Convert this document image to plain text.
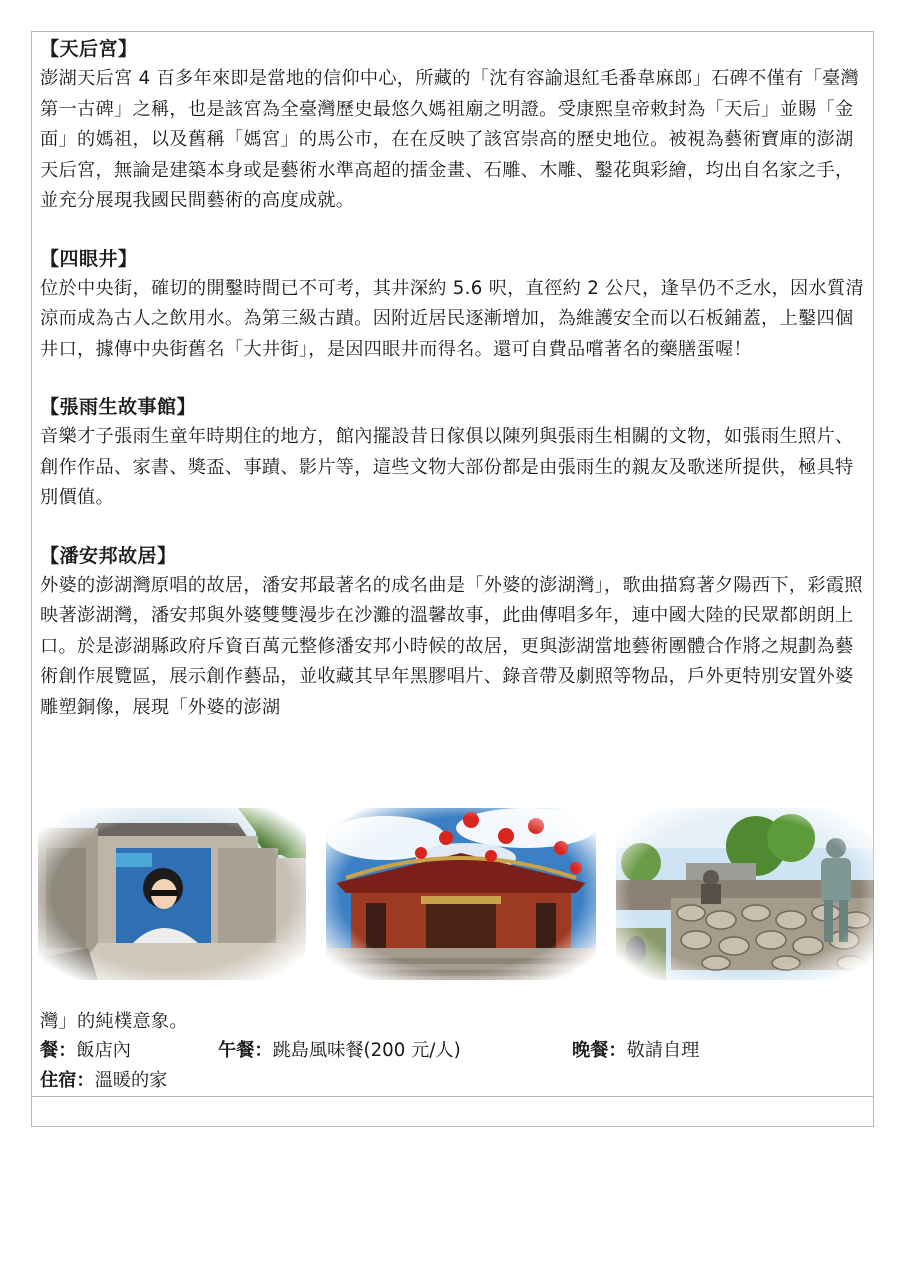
【天后宮】

澎湖天后宮 4 百多年來即是當地的信仰中心，所藏的「沈有容諭退紅毛番韋麻郎」石碑不僅有「臺灣第一古碑」之稱，也是該宮為全臺灣歷史最悠久媽祖廟之明證。受康熙皇帝敕封為「天后」並賜「金面」的媽祖，以及舊稱「媽宮」的馬公市，在在反映了該宮崇高的歷史地位。被視為藝術寶庫的澎湖天后宮，無論是建築本身或是藝術水準高超的擂金畫、石雕、木雕、鑿花與彩繪，均出自名家之手，並充分展現我國民間藝術的高度成就。

【四眼井】

位於中央街，確切的開鑿時間已不可考，其井深約 5.6 呎，直徑約 2 公尺，逢旱仍不乏水，因水質清涼而成為古人之飲用水。為第三級古蹟。因附近居民逐漸增加，為維護安全而以石板鋪蓋，上鑿四個井口，據傳中央街舊名「大井街」，是因四眼井而得名。還可自費品嚐著名的藥膳蛋喔！

【張雨生故事館】

音樂才子張雨生童年時期住的地方，館內擺設昔日傢俱以陳列與張雨生相關的文物，如張雨生照片、創作作品、家書、獎盃、事蹟、影片等，這些文物大部份都是由張雨生的親友及歌迷所提供，極具特別價值。

【潘安邦故居】

外婆的澎湖灣原唱的故居，潘安邦最著名的成名曲是「外婆的澎湖灣」，歌曲描寫著夕陽西下，彩霞照映著澎湖灣，潘安邦與外婆雙雙漫步在沙灘的溫馨故事，此曲傳唱多年，連中國大陸的民眾都朗朗上口。於是澎湖縣政府斥資百萬元整修潘安邦小時候的故居，更與澎湖當地藝術團體合作將之規劃為藝術創作展覽區，展示創作藝品，並收藏其早年黑膠唱片、錄音帶及劇照等物品，戶外更特別安置外婆雕塑銅像，展現「外婆的澎湖

灣」的純樸意象。

餐：飯店內	午餐：跳島風味餐(200 元/人)	晚餐：敬請自理
住宿：溫暖的家
